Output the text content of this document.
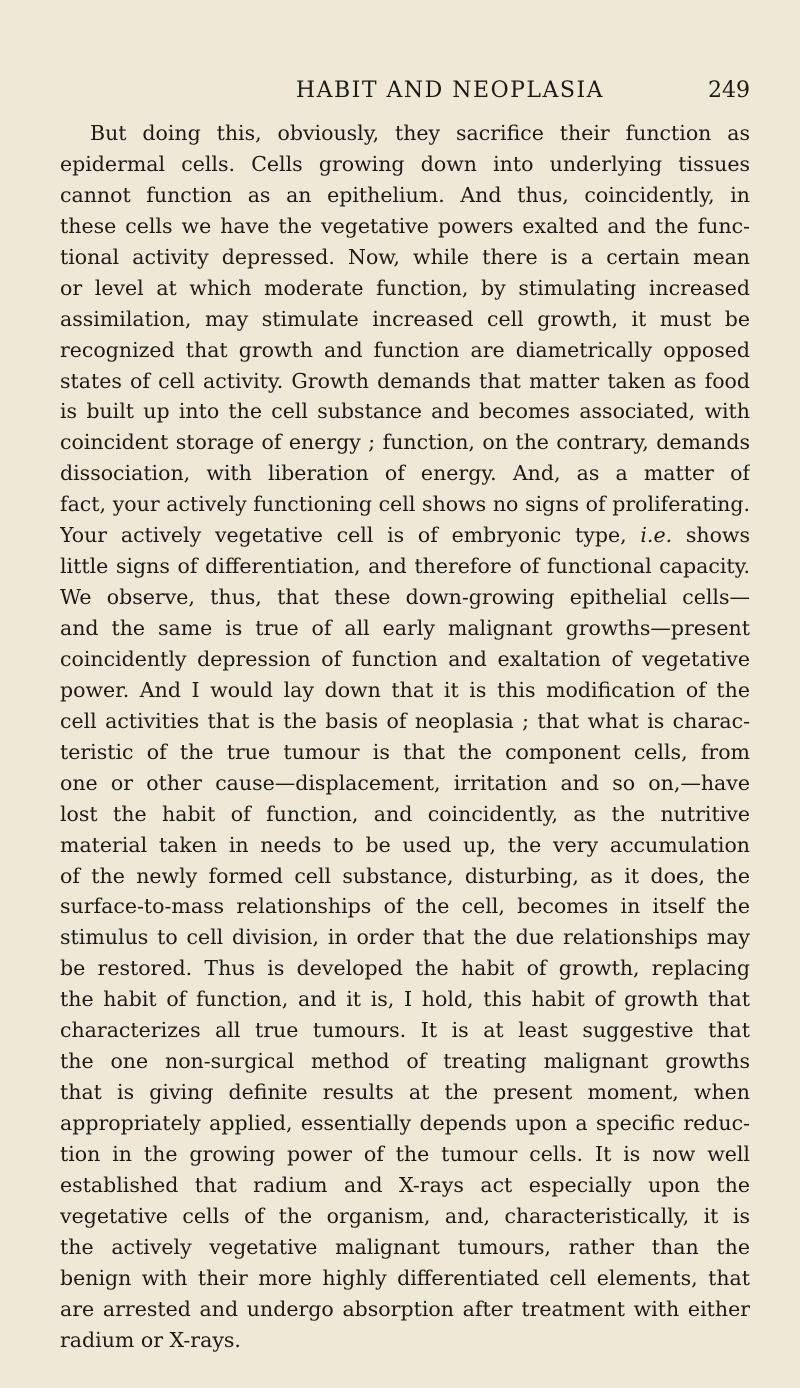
HABIT AND NEOPLASIA	249
But doing this, obviously, they sacrifice their function as
epidermal cells. Cells growing down into underlying tissues
cannot function as an epithelium. And thus, coincidently, in
these cells we have the vegetative powers exalted and the func-
tional activity depressed. Now, while there is a certain mean
or level at which moderate function, by stimulating increased
assimilation, may stimulate increased cell growth, it must be
recognized that growth and function are diametrically opposed
states of cell activity. Growth demands that matter taken as food
is built up into the cell substance and becomes associated, with
coincident storage of energy ; function, on the contrary, demands
dissociation, with liberation of energy. And, as a matter of
fact, your actively functioning cell shows no signs of proliferating.
Your actively vegetative cell is of embryonic type, i.e. shows
little signs of differentiation, and therefore of functional capacity.
We observe, thus, that these down-growing epithelial cells—
and the same is true of all early malignant growths—present
coincidently depression of function and exaltation of vegetative
power. And I would lay down that it is this modification of the
cell activities that is the basis of neoplasia ; that what is charac-
teristic of the true tumour is that the component cells, from
one or other cause—displacement, irritation and so on,—have
lost the habit of function, and coincidently, as the nutritive
material taken in needs to be used up, the very accumulation
of the newly formed cell substance, disturbing, as it does, the
surface-to-mass relationships of the cell, becomes in itself the
stimulus to cell division, in order that the due relationships may
be restored. Thus is developed the habit of growth, replacing
the habit of function, and it is, I hold, this habit of growth that
characterizes all true tumours. It is at least suggestive that
the one non-surgical method of treating malignant growths
that is giving definite results at the present moment, when
appropriately applied, essentially depends upon a specific reduc-
tion in the growing power of the tumour cells. It is now well
established that radium and X-rays act especially upon the
vegetative cells of the organism, and, characteristically, it is
the actively vegetative malignant tumours, rather than the
benign with their more highly differentiated cell elements, that
are arrested and undergo absorption after treatment with either
radium or X-rays.
